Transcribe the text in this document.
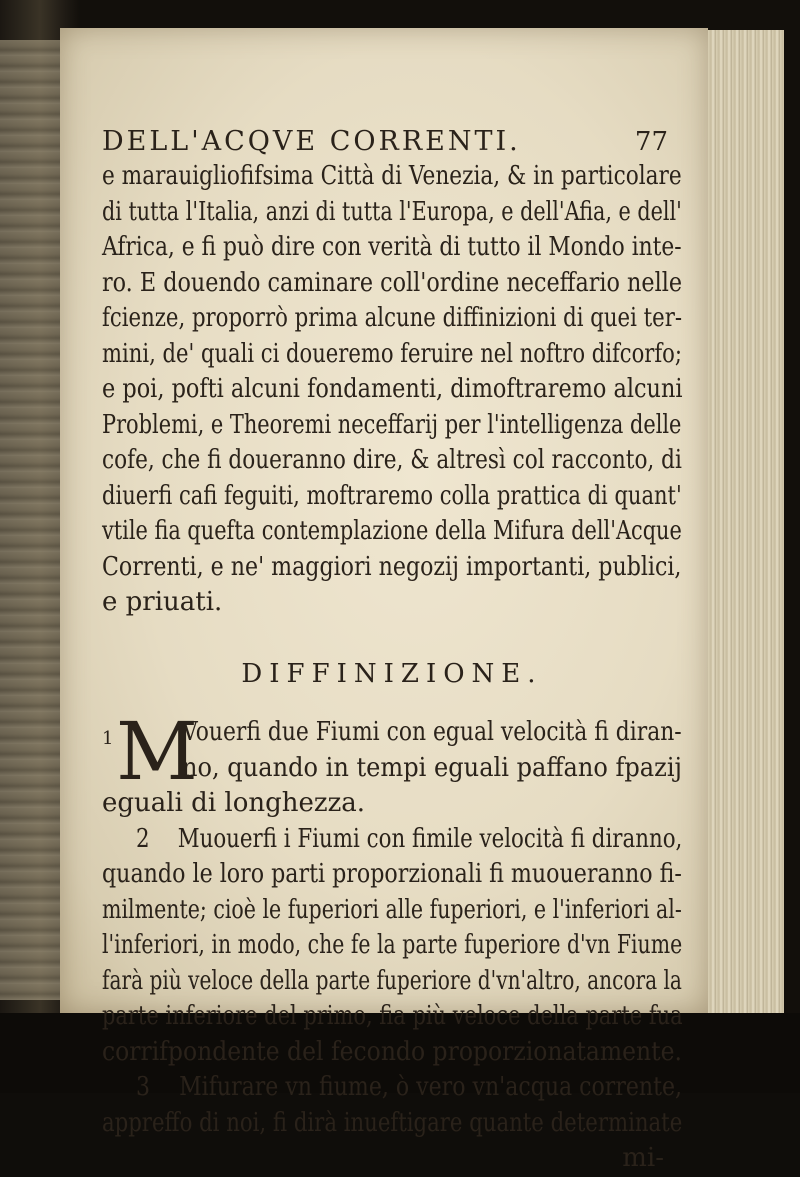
DELL'ACQVE CORRENTI.	77

e marauigliofifsima Città di Venezia, & in particolare
di tutta l'Italia, anzi di tutta l'Europa, e dell'Afia, e dell'
Africa, e fi può dire con verità di tutto il Mondo inte-
ro. E douendo caminare coll'ordine neceffario nelle
fcienze, proporrò prima alcune diffinizioni di quei ter-
mini, de' quali ci doueremo feruire nel noftro difcorfo;
e poi, pofti alcuni fondamenti, dimoftraremo alcuni
Problemi, e Theoremi neceffarij per l'intelligenza delle
cofe, che fi doueranno dire, & altresì col racconto, di
diuerfi cafi feguiti, moftraremo colla prattica di quant'
vtile fia quefta contemplazione della Mifura dell'Acque
Correnti, e ne' maggiori negozij importanti, publici,
e priuati.

DIFFINIZIONE.
1 M
Vouerfi due Fiumi con egual velocità fi diran-
no, quando in tempi eguali paffano fpazij
eguali di longhezza.
2 Muouerfi i Fiumi con fimile velocità fi diranno,
quando le loro parti proporzionali fi muoueranno fi-
milmente; cioè le fuperiori alle fuperiori, e l'inferiori al-
l'inferiori, in modo, che fe la parte fuperiore d'vn Fiume
farà più veloce della parte fuperiore d'vn'altro, ancora la
parte inferiore del primo, fia più veloce della parte fua
corrifpondente del fecondo proporzionatamente.
3 Mifurare vn fiume, ò vero vn'acqua corrente,
appreffo di noi, fi dirà inueftigare quante determinate
mi-
